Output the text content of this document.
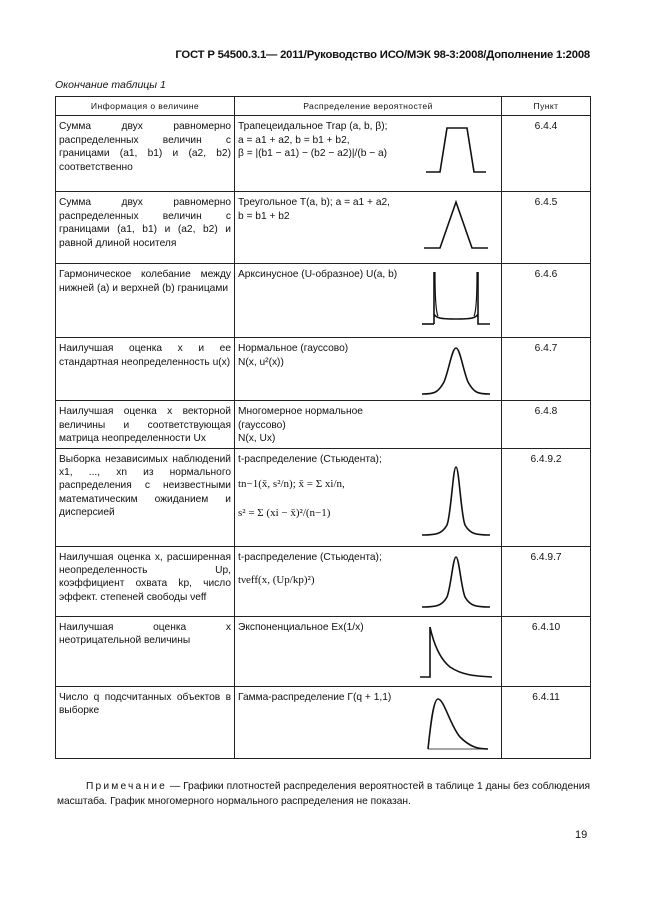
ГОСТ Р 54500.3.1— 2011/Руководство ИСО/МЭК 98-3:2008/Дополнение 1:2008
Окончание таблицы 1
Информация о величине	Распределение вероятностей		Пункт
Сумма двух равномерно распределенных величин с границами (a1, b1) и (a2, b2) соответственно	Трапецеидальное Trap (a, b, β);
a = a1 + a2, b = b1 + b2,
β = |(b1 − a1) − (b2 − a2)|/(b − a)		6.4.4
Сумма двух равномерно распределенных величин с границами (a1, b1) и (a2, b2) и равной длиной носителя	Треугольное T(a, b); a = a1 + a2,
b = b1 + b2		6.4.5
Гармоническое колебание между нижней (a) и верхней (b) границами	Арксинусное (U-образное) U(a, b)		6.4.6
Наилучшая оценка x и ее стандартная неопределенность u(x)	Нормальное (гауссово)
N(x, u²(x))		6.4.7
Наилучшая оценка x векторной величины и соответствующая матрица неопределенности Ux	Многомерное нормальное (гауссово)
N(x, Ux)		6.4.8
Выборка независимых наблюдений x1, ..., xn из нормального распределения с неизвестными математическим ожиданием и дисперсией	t-распределение (Стьюдента);
tn−1(x̄, s²/n); x̄ = Σ xi/n,
s² = Σ (xi − x̄)²/(n−1)		6.4.9.2
Наилучшая оценка x, расширенная неопределенность Up, коэффициент охвата kp, число эффект. степеней свободы νeff	t-распределение (Стьюдента);
tνeff(x, (Up/kp)²)		6.4.9.7
Наилучшая оценка x неотрицательной величины	Экспоненциальное Ex(1/x)		6.4.10
Число q подсчитанных объектов в выборке	Гамма-распределение Γ(q + 1,1)		6.4.11
Примечание — Графики плотностей распределения вероятностей в таблице 1 даны без соблюдения масштаба. График многомерного нормального распределения не показан.
19
